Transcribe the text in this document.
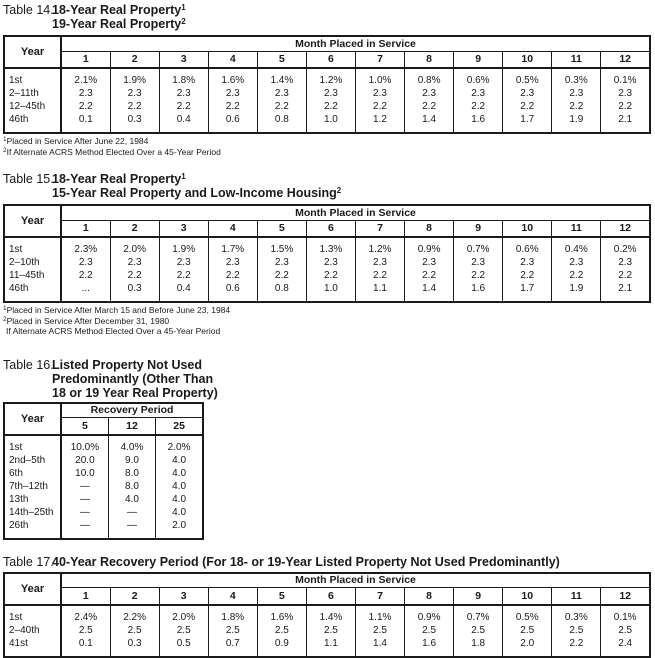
Table 14.
18-Year Real Property$^1$
19-Year Real Property$^2$

Year	Month Placed in Service											
	1	2	3	4	5	6	7	8	9	10	11	12
1st	2.1%	1.9%	1.8%	1.6%	1.4%	1.2%	1.0%	0.8%	0.6%	0.5%	0.3%	0.1%
2–11th	2.3	2.3	2.3	2.3	2.3	2.3	2.3	2.3	2.3	2.3	2.3	2.3
12–45th	2.2	2.2	2.2	2.2	2.2	2.2	2.2	2.2	2.2	2.2	2.2	2.2
46th	0.1	0.3	0.4	0.6	0.8	1.0	1.2	1.4	1.6	1.7	1.9	2.1
$^1$Placed in Service After June 22, 1984
$^2$If Alternate ACRS Method Elected Over a 45-Year Period

Table 15.
18-Year Real Property$^1$
15-Year Real Property and Low-Income Housing$^2$

Year	Month Placed in Service											
	1	2	3	4	5	6	7	8	9	10	11	12
1st	2.3%	2.0%	1.9%	1.7%	1.5%	1.3%	1.2%	0.9%	0.7%	0.6%	0.4%	0.2%
2–10th	2.3	2.3	2.3	2.3	2.3	2.3	2.3	2.3	2.3	2.3	2.3	2.3
11–45th	2.2	2.2	2.2	2.2	2.2	2.2	2.2	2.2	2.2	2.2	2.2	2.2
46th	...	0.3	0.4	0.6	0.8	1.0	1.1	1.4	1.6	1.7	1.9	2.1
$^1$Placed in Service After March 15 and Before June 23, 1984
$^2$Placed in Service After December 31, 1980
If Alternate ACRS Method Elected Over a 45-Year Period

Table 16.
Listed Property Not Used
Predominantly (Other Than
18 or 19 Year Real Property)

Year	Recovery Period		
	5	12	25
1st	10.0%	4.0%	2.0%
2nd–5th	20.0	9.0	4.0
6th	10.0	8.0	4.0
7th–12th	—	8.0	4.0
13th	—	4.0	4.0
14th–25th	—	—	4.0
26th	—	—	2.0

Table 17.
40-Year Recovery Period (For 18- or 19-Year Listed Property Not Used Predominantly)

Year	Month Placed in Service											
	1	2	3	4	5	6	7	8	9	10	11	12
1st	2.4%	2.2%	2.0%	1.8%	1.6%	1.4%	1.1%	0.9%	0.7%	0.5%	0.3%	0.1%
2–40th	2.5	2.5	2.5	2.5	2.5	2.5	2.5	2.5	2.5	2.5	2.5	2.5
41st	0.1	0.3	0.5	0.7	0.9	1.1	1.4	1.6	1.8	2.0	2.2	2.4
